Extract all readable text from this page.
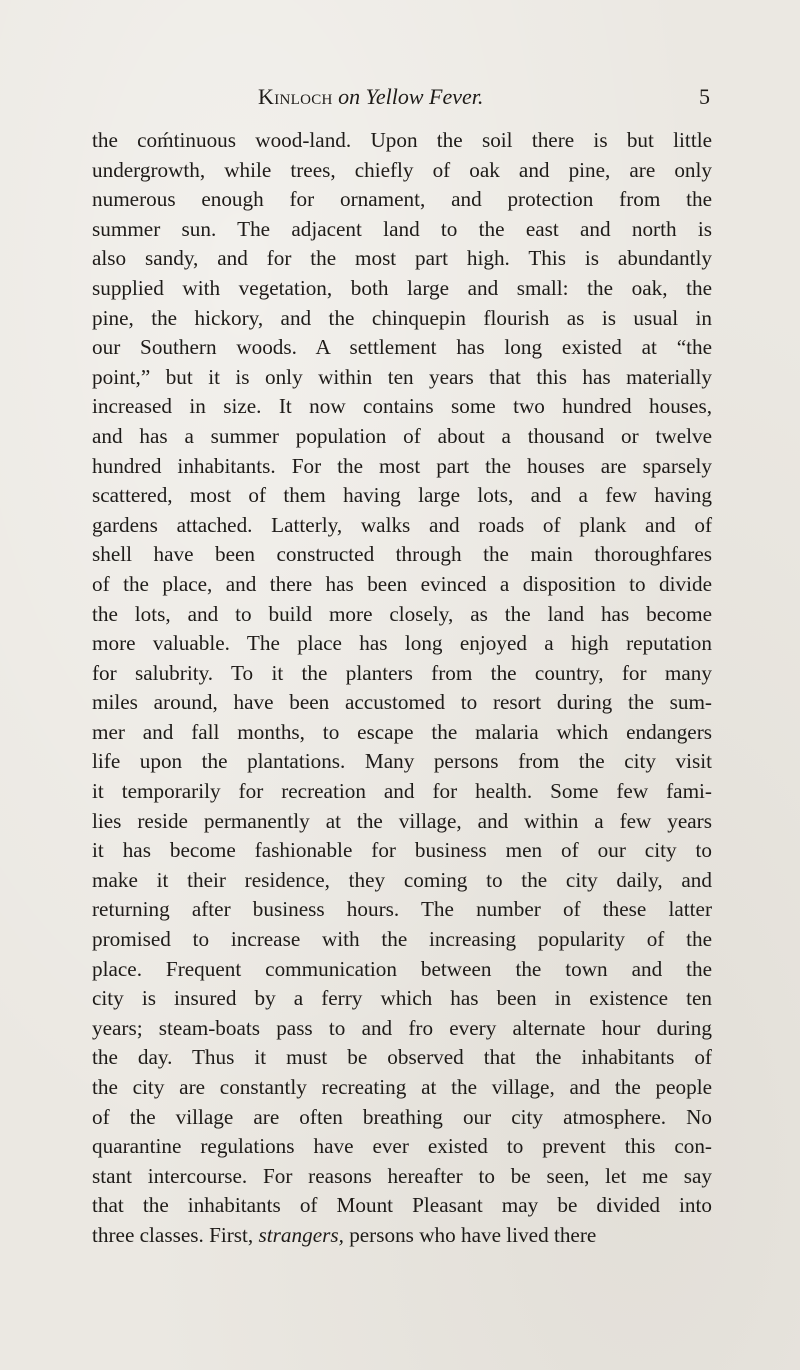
Kinloch on Yellow Fever.	5
the coḿtinuous wood-land. Upon the soil there is but little
undergrowth, while trees, chiefly of oak and pine, are only
numerous enough for ornament, and protection from the
summer sun. The adjacent land to the east and north is
also sandy, and for the most part high. This is abundantly
supplied with vegetation, both large and small: the oak, the
pine, the hickory, and the chinquepin flourish as is usual in
our Southern woods. A settlement has long existed at “the
point,” but it is only within ten years that this has materially
increased in size. It now contains some two hundred houses,
and has a summer population of about a thousand or twelve
hundred inhabitants. For the most part the houses are sparsely
scattered, most of them having large lots, and a few having
gardens attached. Latterly, walks and roads of plank and of
shell have been constructed through the main thoroughfares
of the place, and there has been evinced a disposition to divide
the lots, and to build more closely, as the land has become
more valuable. The place has long enjoyed a high reputation
for salubrity. To it the planters from the country, for many
miles around, have been accustomed to resort during the sum-
mer and fall months, to escape the malaria which endangers
life upon the plantations. Many persons from the city visit
it temporarily for recreation and for health. Some few fami-
lies reside permanently at the village, and within a few years
it has become fashionable for business men of our city to
make it their residence, they coming to the city daily, and
returning after business hours. The number of these latter
promised to increase with the increasing popularity of the
place. Frequent communication between the town and the
city is insured by a ferry which has been in existence ten
years; steam-boats pass to and fro every alternate hour during
the day. Thus it must be observed that the inhabitants of
the city are constantly recreating at the village, and the people
of the village are often breathing our city atmosphere. No
quarantine regulations have ever existed to prevent this con-
stant intercourse. For reasons hereafter to be seen, let me say
that the inhabitants of Mount Pleasant may be divided into
three classes. First, strangers, persons who have lived there
